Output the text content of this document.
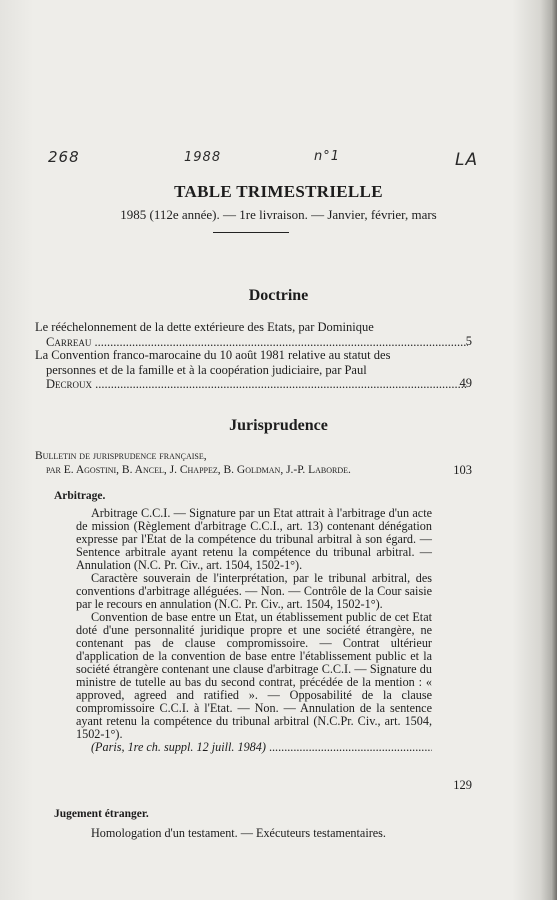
268	1988	n°1	LA
TABLE TRIMESTRIELLE
1985 (112e année). — 1re livraison. — Janvier, février, mars
Doctrine

Le rééchelonnement de la dette extérieure des Etats, par Dominique

Carreau .....	5

La Convention franco-marocaine du 10 août 1981 relative au statut des

personnes et de la famille et à la coopération judiciaire, par Paul

Decroux .....	49
Jurisprudence
Bulletin de jurisprudence française,
par E. Agostini, B. Ancel, J. Chappez, B. Goldman, J.-P. Laborde.	103
Arbitrage.

Arbitrage C.C.I. — Signature par un Etat attrait à l'arbitrage d'un acte de mission (Règlement d'arbitrage C.C.I., art. 13) contenant dénégation expresse par l'Etat de la compétence du tribunal arbitral à son égard. — Sentence arbitrale ayant retenu la compétence du tribunal arbitral. — Annulation (N.C. Pr. Civ., art. 1504, 1502-1°).

Caractère souverain de l'interprétation, par le tribunal arbitral, des conventions d'arbitrage alléguées. — Non. — Contrôle de la Cour saisie par le recours en annulation (N.C. Pr. Civ., art. 1504, 1502-1°).

Convention de base entre un Etat, un établissement public de cet Etat doté d'une personnalité juridique propre et une société étrangère, ne contenant pas de clause compromissoire. — Contrat ultérieur d'application de la convention de base entre l'établissement public et la société étrangère contenant une clause d'arbitrage C.C.I. — Signature du ministre de tutelle au bas du second contrat, précédée de la mention : « approved, agreed and ratified ». — Opposabilité de la clause compromissoire C.C.I. à l'Etat. — Non. — Annulation de la sentence ayant retenu la compétence du tribunal arbitral (N.C.Pr. Civ., art. 1504, 1502-1°).

(Paris, 1re ch. suppl. 12 juill. 1984) .....

129
Jugement étranger.

Homologation d'un testament. — Exécuteurs testamentaires.
